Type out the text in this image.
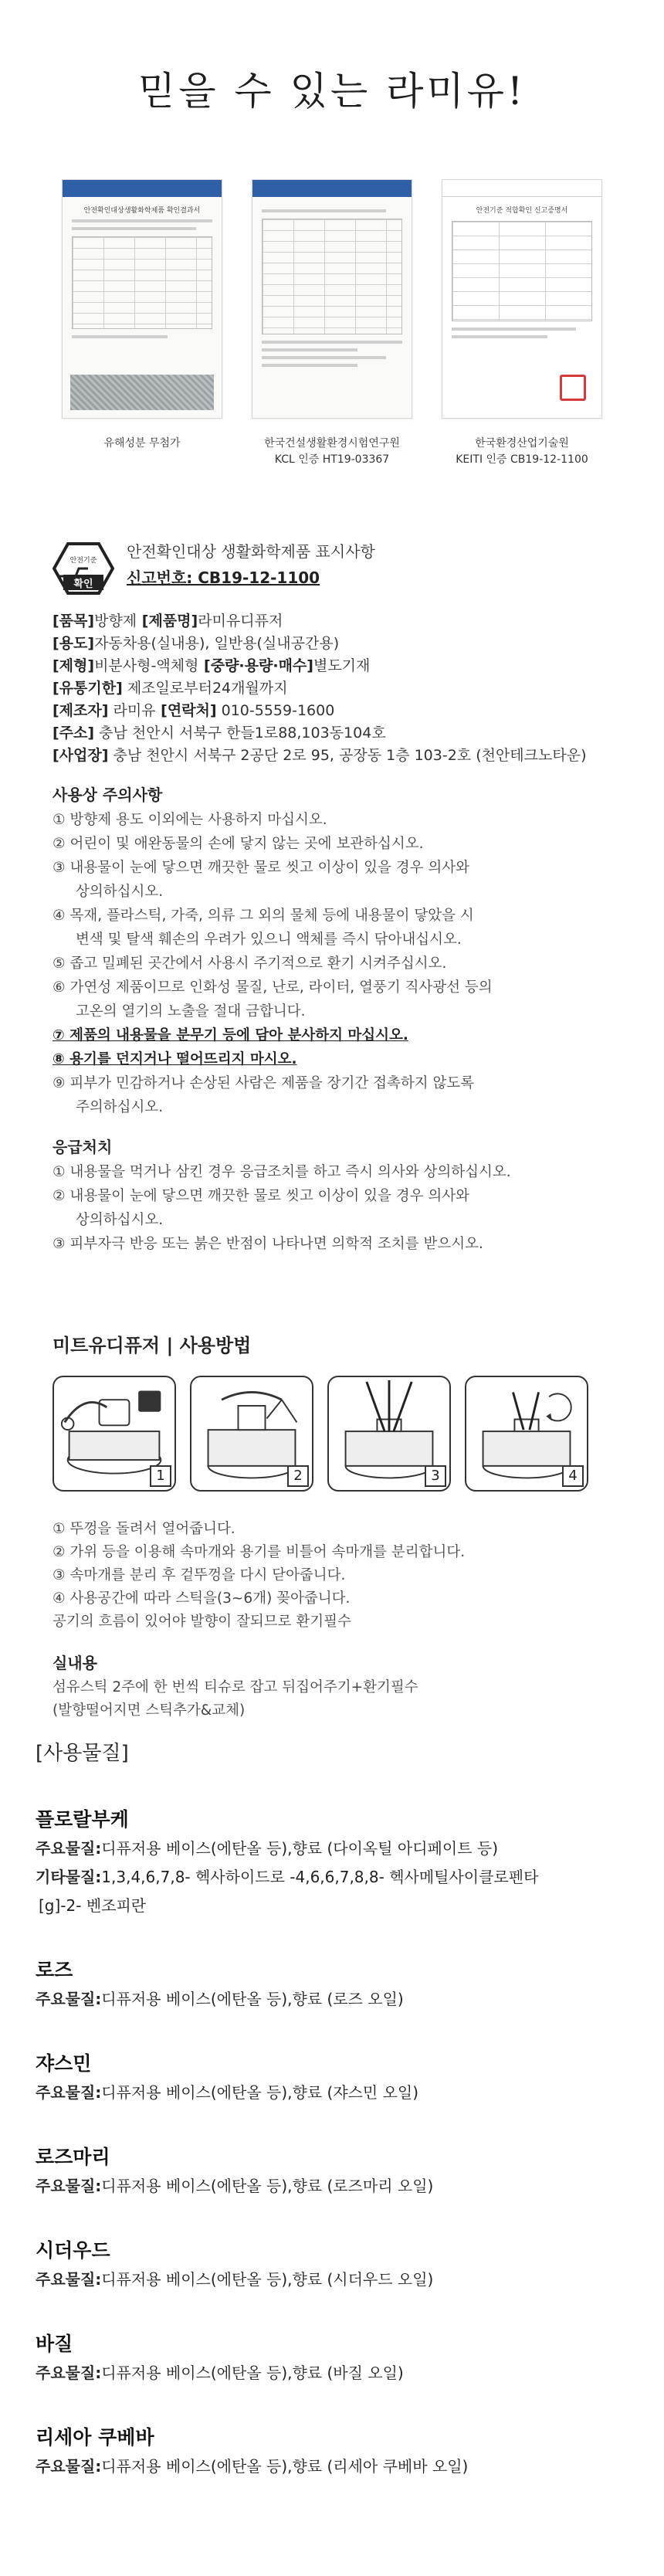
믿을 수 있는 라미유!
안전확인대상생활화학제품 확인결과서
유해성분 무첨가	한국건설생활환경시험연구원
KCL 인증 HT19-03367
안전기준 적합확인 신고증명서
한국환경산업기술원
KEITI 인증 CB19-12-1100
안전기준
확인
안전확인대상 생활화학제품 표시사항
신고번호: CB19-12-1100
[품목]방향제 [제품명]라미유디퓨저
[용도]자동차용(실내용), 일반용(실내공간용)
[제형]비분사형-액체형 [중량·용량·매수]별도기재
[유통기한] 제조일로부터24개월까지
[제조자] 라미유 [연락처] 010-5559-1600
[주소] 충남 천안시 서북구 한들1로88,103동104호
[사업장] 충남 천안시 서북구 2공단 2로 95, 공장동 1층 103-2호 (천안테크노타운)
사용상 주의사항
① 방향제 용도 이외에는 사용하지 마십시오.
② 어린이 및 애완동물의 손에 닿지 않는 곳에 보관하십시오.
③ 내용물이 눈에 닿으면 깨끗한 물로 씻고 이상이 있을 경우 의사와
상의하십시오.
④ 목재, 플라스틱, 가죽, 의류 그 외의 물체 등에 내용물이 닿았을 시
변색 및 탈색 훼손의 우려가 있으니 액체를 즉시 닦아내십시오.
⑤ 좁고 밀폐된 곳간에서 사용시 주기적으로 환기 시켜주십시오.
⑥ 가연성 제품이므로 인화성 물질, 난로, 라이터, 열풍기 직사광선 등의
고온의 열기의 노출을 절대 금합니다.
⑦ 제품의 내용물을 분무기 등에 담아 분사하지 마십시오.
⑧ 용기를 던지거나 떨어뜨리지 마시오.
⑨ 피부가 민감하거나 손상된 사람은 제품을 장기간 접촉하지 않도록
주의하십시오.
응급처치
① 내용물을 먹거나 삼킨 경우 응급조치를 하고 즉시 의사와 상의하십시오.
② 내용물이 눈에 닿으면 깨끗한 물로 씻고 이상이 있을 경우 의사와
상의하십시오.
③ 피부자극 반응 또는 붉은 반점이 나타나면 의학적 조치를 받으시오.
미트유디퓨저 | 사용방법
1	2	3	4
① 뚜껑을 돌려서 열어줍니다.
② 가위 등을 이용해 속마개와 용기를 비틀어 속마개를 분리합니다.
③ 속마개를 분리 후 겉뚜껑을 다시 닫아줍니다.
④ 사용공간에 따라 스틱을(3~6개) 꽂아줍니다.
공기의 흐름이 있어야 발향이 잘되므로 환기필수
실내용
섬유스틱 2주에 한 번씩 티슈로 잡고 뒤집어주기+환기필수
(발향떨어지면 스틱추가&교체)
[사용물질]
플로랄부케
주요물질:디퓨저용 베이스(에탄올 등),향료 (다이옥틸 아디페이트 등)
기타물질:1,3,4,6,7,8- 헥사하이드로 -4,6,6,7,8,8- 헥사메틸사이클로펜타
[g]-2- 벤조피란
로즈
주요물질:디퓨저용 베이스(에탄올 등),향료 (로즈 오일)
쟈스민
주요물질:디퓨저용 베이스(에탄올 등),향료 (쟈스민 오일)
로즈마리
주요물질:디퓨저용 베이스(에탄올 등),향료 (로즈마리 오일)
시더우드
주요물질:디퓨저용 베이스(에탄올 등),향료 (시더우드 오일)
바질
주요물질:디퓨저용 베이스(에탄올 등),향료 (바질 오일)
리세아 쿠베바
주요물질:디퓨저용 베이스(에탄올 등),향료 (리세아 쿠베바 오일)
